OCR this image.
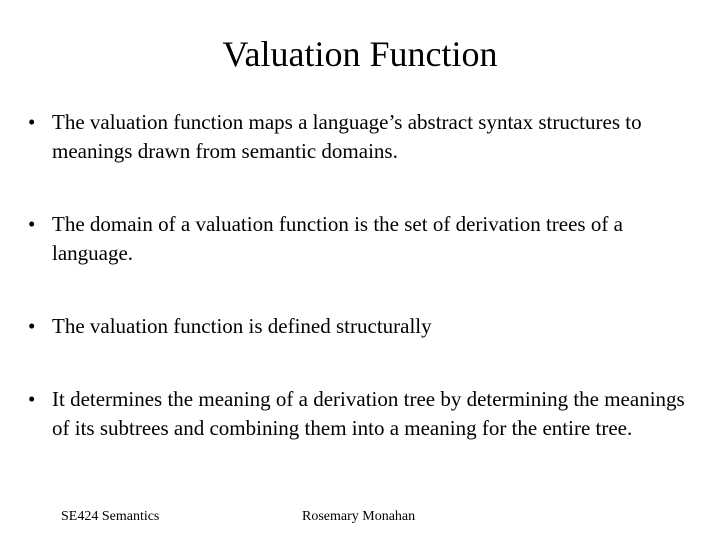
Valuation Function
• The valuation function maps a language’s abstract syntax structures to meanings drawn from semantic domains.
• The domain of a valuation function is the set of derivation trees of a language.
• The valuation function is defined structurally
• It determines the meaning of a derivation tree by determining the meanings of its subtrees and combining them into a meaning for the entire tree.
SE424 Semantics	Rosemary Monahan
